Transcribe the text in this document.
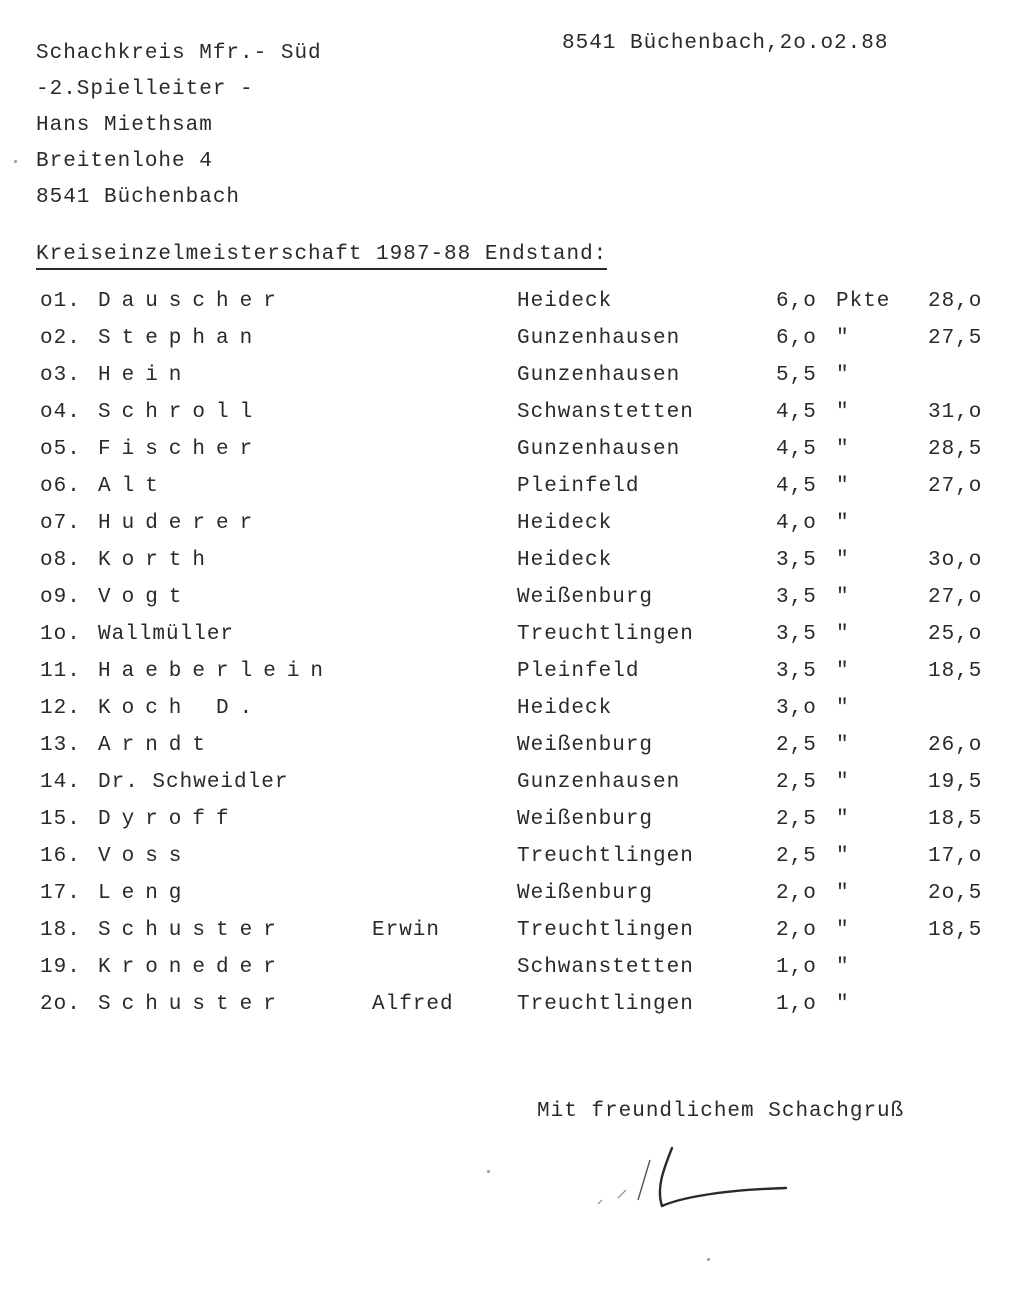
Schachkreis Mfr.- Süd
-2.Spielleiter -
Hans Miethsam
Breitenlohe 4
8541 Büchenbach
8541 Büchenbach,2o.o2.88
Kreiseinzelmeisterschaft 1987-88 Endstand:
o1. Dauscher	Heideck	6,o Pkte 28,o
o2. Stephan	Gunzenhausen	6,o "	27,5
o3. Hein	Gunzenhausen	5,5 "
o4. Schroll	Schwanstetten	4,5 "	31,o
o5. Fischer	Gunzenhausen	4,5 "	28,5
o6. Alt	Pleinfeld	4,5 "	27,o
o7. Huderer	Heideck	4,o "
o8. Korth	Heideck	3,5 "	3o,o
o9. Vogt	Weißenburg	3,5 "	27,o
1o. Wallmüller	Treuchtlingen	3,5 "	25,o
11. Haeberlein	Pleinfeld	3,5 "	18,5
12. Koch D.	Heideck	3,o "
13. Arndt	Weißenburg	2,5 "	26,o
14. Dr. Schweidler	Gunzenhausen	2,5 "	19,5
15. Dyroff	Weißenburg	2,5 "	18,5
16. Voss	Treuchtlingen	2,5 "	17,o
17. Leng	Weißenburg	2,o "	2o,5
18. Schuster	Erwin	Treuchtlingen	2,o "	18,5
19. Kroneder	Schwanstetten	1,o "
2o. Schuster	Alfred	Treuchtlingen	1,o "
Mit freundlichem Schachgruß
